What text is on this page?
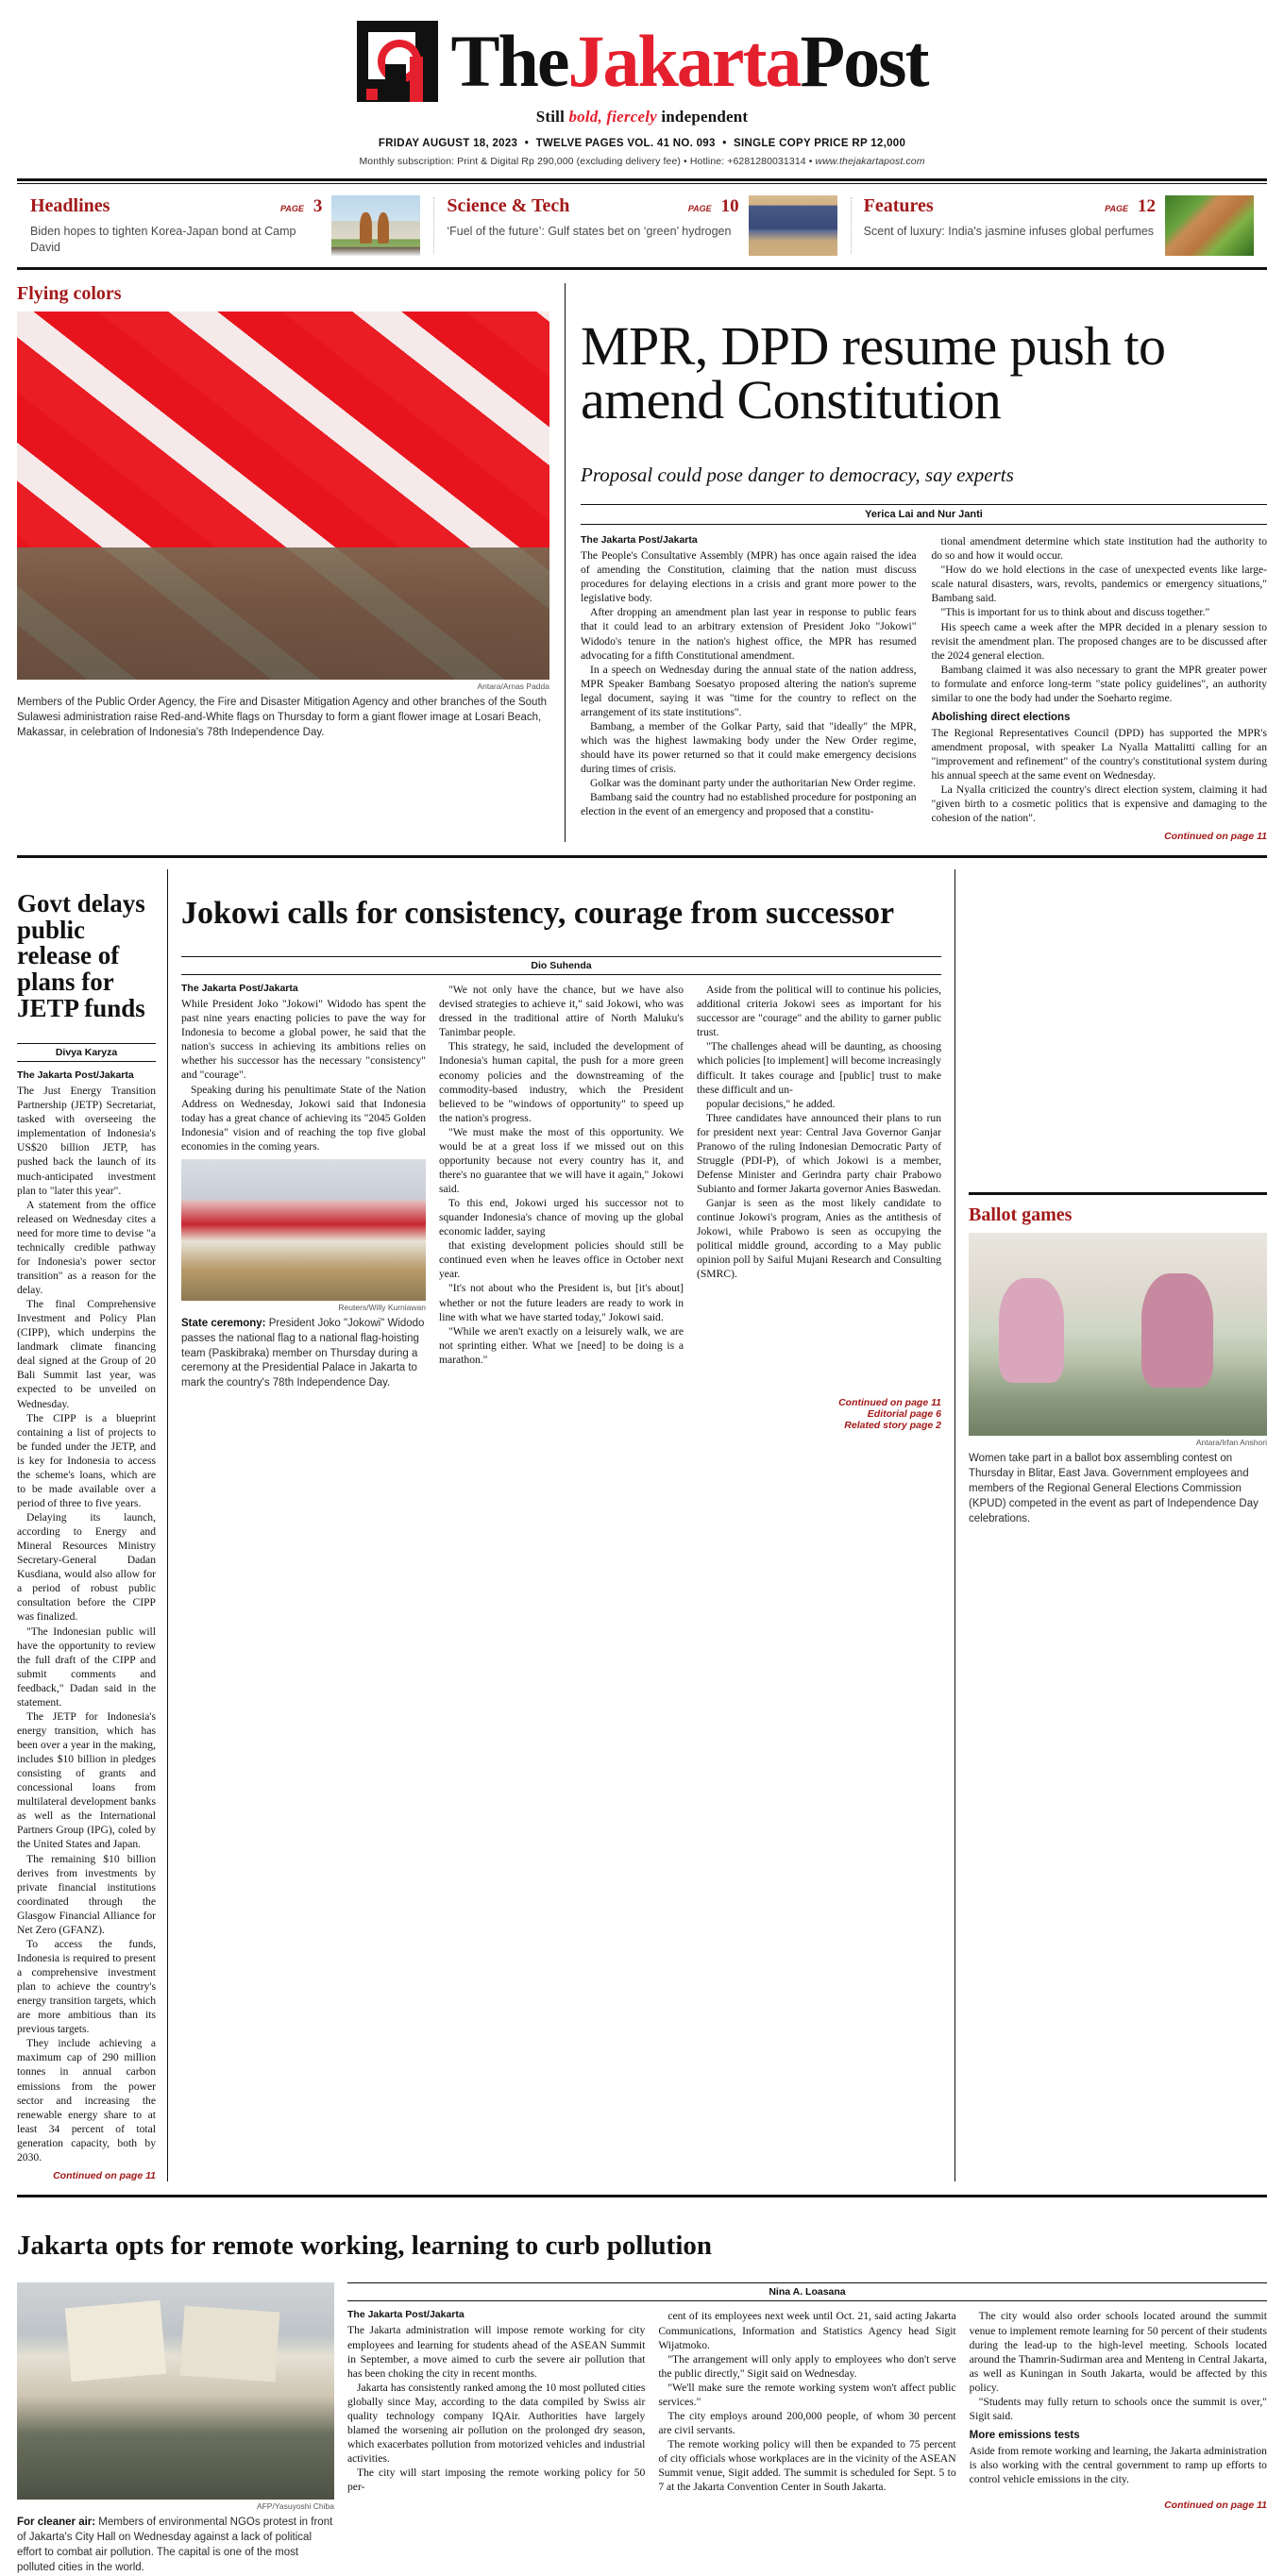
TheJakartaPost
Still bold, fiercely independent
FRIDAY AUGUST 18, 2023 • TWELVE PAGES VOL. 41 NO. 093 • SINGLE COPY PRICE RP 12,000
Monthly subscription: Print & Digital Rp 290,000 (excluding delivery fee) • Hotline: +6281280031314 • www.thejakartapost.com
Headlines	PAGE 3
Biden hopes to tighten Korea-Japan bond at Camp David
Science & Tech	PAGE 10
‘Fuel of the future’: Gulf states bet on ‘green’ hydrogen
Features	PAGE 12
Scent of luxury: India's jasmine infuses global perfumes
Flying colors
Antara/Arnas Padda
Members of the Public Order Agency, the Fire and Disaster Mitigation Agency and other branches of the South Sulawesi administration raise Red-and-White flags on Thursday to form a giant flower image at Losari Beach, Makassar, in celebration of Indonesia's 78th Independence Day.
MPR, DPD resume push to amend Constitution
Proposal could pose danger to democracy, say experts
Yerica Lai and Nur Janti

The Jakarta Post/Jakarta

The People's Consultative Assembly (MPR) has once again raised the idea of amending the Constitution, claiming that the nation must discuss procedures for delaying elections in a crisis and grant more power to the legislative body.

After dropping an amendment plan last year in response to public fears that it could lead to an arbitrary extension of President Joko "Jokowi" Widodo's tenure in the nation's highest office, the MPR has resumed advocating for a fifth Constitutional amendment.

In a speech on Wednesday during the annual state of the nation address, MPR Speaker Bambang Soesatyo proposed altering the nation's supreme legal document, saying it was "time for the country to reflect on the arrangement of its state institutions".

Bambang, a member of the Golkar Party, said that "ideally" the MPR, which was the highest lawmaking body under the New Order regime, should have its power returned so that it could make emergency decisions during times of crisis.

Golkar was the dominant party under the authoritarian New Order regime.

Bambang said the country had no established procedure for postponing an election in the event of an emergency and proposed that a constitu-

tional amendment determine which state institution had the authority to do so and how it would occur.

"How do we hold elections in the case of unexpected events like large-scale natural disasters, wars, revolts, pandemics or emergency situations," Bambang said.

"This is important for us to think about and discuss together."

His speech came a week after the MPR decided in a plenary session to revisit the amendment plan. The proposed changes are to be discussed after the 2024 general election.

Bambang claimed it was also necessary to grant the MPR greater power to formulate and enforce long-term "state policy guidelines", an authority similar to one the body had under the Soeharto regime.

Abolishing direct elections

The Regional Representatives Council (DPD) has supported the MPR's amendment proposal, with speaker La Nyalla Mattalitti calling for an "improvement and refinement" of the country's constitutional system during his annual speech at the same event on Wednesday.

La Nyalla criticized the country's direct election system, claiming it had "given birth to a cosmetic politics that is expensive and damaging to the cohesion of the nation".

Continued on page 11
Govt delays public release of plans for JETP funds
Divya Karyza

The Jakarta Post/Jakarta

The Just Energy Transition Partnership (JETP) Secretariat, tasked with overseeing the implementation of Indonesia's US$20 billion JETP, has pushed back the launch of its much-anticipated investment plan to "later this year".

A statement from the office released on Wednesday cites a need for more time to devise "a technically credible pathway for Indonesia's power sector transition" as a reason for the delay.

The final Comprehensive Investment and Policy Plan (CIPP), which underpins the landmark climate financing deal signed at the Group of 20 Bali Summit last year, was expected to be unveiled on Wednesday.

The CIPP is a blueprint containing a list of projects to be funded under the JETP, and is key for Indonesia to access the scheme's loans, which are to be made available over a period of three to five years.

Delaying its launch, according to Energy and Mineral Resources Ministry Secretary-General Dadan Kusdiana, would also allow for a period of robust public consultation before the CIPP was finalized.

"The Indonesian public will have the opportunity to review the full draft of the CIPP and submit comments and feedback," Dadan said in the statement.

The JETP for Indonesia's energy transition, which has been over a year in the making, includes $10 billion in pledges consisting of grants and concessional loans from multilateral development banks as well as the International Partners Group (IPG), coled by the United States and Japan.

The remaining $10 billion derives from investments by private financial institutions coordinated through the Glasgow Financial Alliance for Net Zero (GFANZ).

To access the funds, Indonesia is required to present a comprehensive investment plan to achieve the country's energy transition targets, which are more ambitious than its previous targets.

They include achieving a maximum cap of 290 million tonnes in annual carbon emissions from the power sector and increasing the renewable energy share to at least 34 percent of total generation capacity, both by 2030.

Continued on page 11
Jokowi calls for consistency, courage from successor
Dio Suhenda

The Jakarta Post/Jakarta

While President Joko "Jokowi" Widodo has spent the past nine years enacting policies to pave the way for Indonesia to become a global power, he said that the nation's success in achieving its ambitions relies on whether his successor has the necessary "consistency" and "courage".

Speaking during his penultimate State of the Nation Address on Wednesday, Jokowi said that Indonesia today has a great chance of achieving its "2045 Golden Indonesia" vision and of reaching the top five global economies in the coming years.

Reuters/Willy Kurniawan
State ceremony: President Joko "Jokowi" Widodo passes the national flag to a national flag-hoisting team (Paskibraka) member on Thursday during a ceremony at the Presidential Palace in Jakarta to mark the country's 78th Independence Day.

"We not only have the chance, but we have also devised strategies to achieve it," said Jokowi, who was dressed in the traditional attire of North Maluku's Tanimbar people.

This strategy, he said, included the development of Indonesia's human capital, the push for a more green economy policies and the downstreaming of the commodity-based industry, which the President believed to be "windows of opportunity" to speed up the nation's progress.

"We must make the most of this opportunity. We would be at a great loss if we missed out on this opportunity because not every country has it, and there's no guarantee that we will have it again," Jokowi said.

To this end, Jokowi urged his successor not to squander Indonesia's chance of moving up the global economic ladder, saying

that existing development policies should still be continued even when he leaves office in October next year.

"It's not about who the President is, but [it's about] whether or not the future leaders are ready to work in line with what we have started today," Jokowi said.

"While we aren't exactly on a leisurely walk, we are not sprinting either. What we [need] to be doing is a marathon."

Aside from the political will to continue his policies, additional criteria Jokowi sees as important for his successor are "courage" and the ability to garner public trust.

"The challenges ahead will be daunting, as choosing which policies [to implement] will become increasingly difficult. It takes courage and [public] trust to make these difficult and un-

popular decisions," he added.

Three candidates have announced their plans to run for president next year: Central Java Governor Ganjar Pranowo of the ruling Indonesian Democratic Party of Struggle (PDI-P), of which Jokowi is a member, Defense Minister and Gerindra party chair Prabowo Subianto and former Jakarta governor Anies Baswedan.

Ganjar is seen as the most likely candidate to continue Jokowi's program, Anies as the antithesis of Jokowi, while Prabowo is seen as occupying the political middle ground, according to a May public opinion poll by Saiful Mujani Research and Consulting (SMRC).

Continued on page 11
Editorial page 6
Related story page 2
Ballot games
Antara/Irfan Anshori
Women take part in a ballot box assembling contest on Thursday in Blitar, East Java. Government employees and members of the Regional General Elections Commission (KPUD) competed in the event as part of Independence Day celebrations.
Jakarta opts for remote working, learning to curb pollution
AFP/Yasuyoshi Chiba
For cleaner air: Members of environmental NGOs protest in front of Jakarta's City Hall on Wednesday against a lack of political effort to combat air pollution. The capital is one of the most polluted cities in the world.
Nina A. Loasana

The Jakarta Post/Jakarta

The Jakarta administration will impose remote working for city employees and learning for students ahead of the ASEAN Summit in September, a move aimed to curb the severe air pollution that has been choking the city in recent months.

Jakarta has consistently ranked among the 10 most polluted cities globally since May, according to the data compiled by Swiss air quality technology company IQAir. Authorities have largely blamed the worsening air pollution on the prolonged dry season, which exacerbates pollution from motorized vehicles and industrial activities.

The city will start imposing the remote working policy for 50 per-

cent of its employees next week until Oct. 21, said acting Jakarta Communications, Information and Statistics Agency head Sigit Wijatmoko.

"The arrangement will only apply to employees who don't serve the public directly," Sigit said on Wednesday.

"We'll make sure the remote working system won't affect public services."

The city employs around 200,000 people, of whom 30 percent are civil servants.

The remote working policy will then be expanded to 75 percent of city officials whose workplaces are in the vicinity of the ASEAN Summit venue, Sigit added. The summit is scheduled for Sept. 5 to 7 at the Jakarta Convention Center in South Jakarta.

The city would also order schools located around the summit venue to implement remote learning for 50 percent of their students during the lead-up to the high-level meeting. Schools located around the Thamrin-Sudirman area and Menteng in Central Jakarta, as well as Kuningan in South Jakarta, would be affected by this policy.

"Students may fully return to schools once the summit is over," Sigit said.

More emissions tests

Aside from remote working and learning, the Jakarta administration is also working with the central government to ramp up efforts to control vehicle emissions in the city.

Continued on page 11
